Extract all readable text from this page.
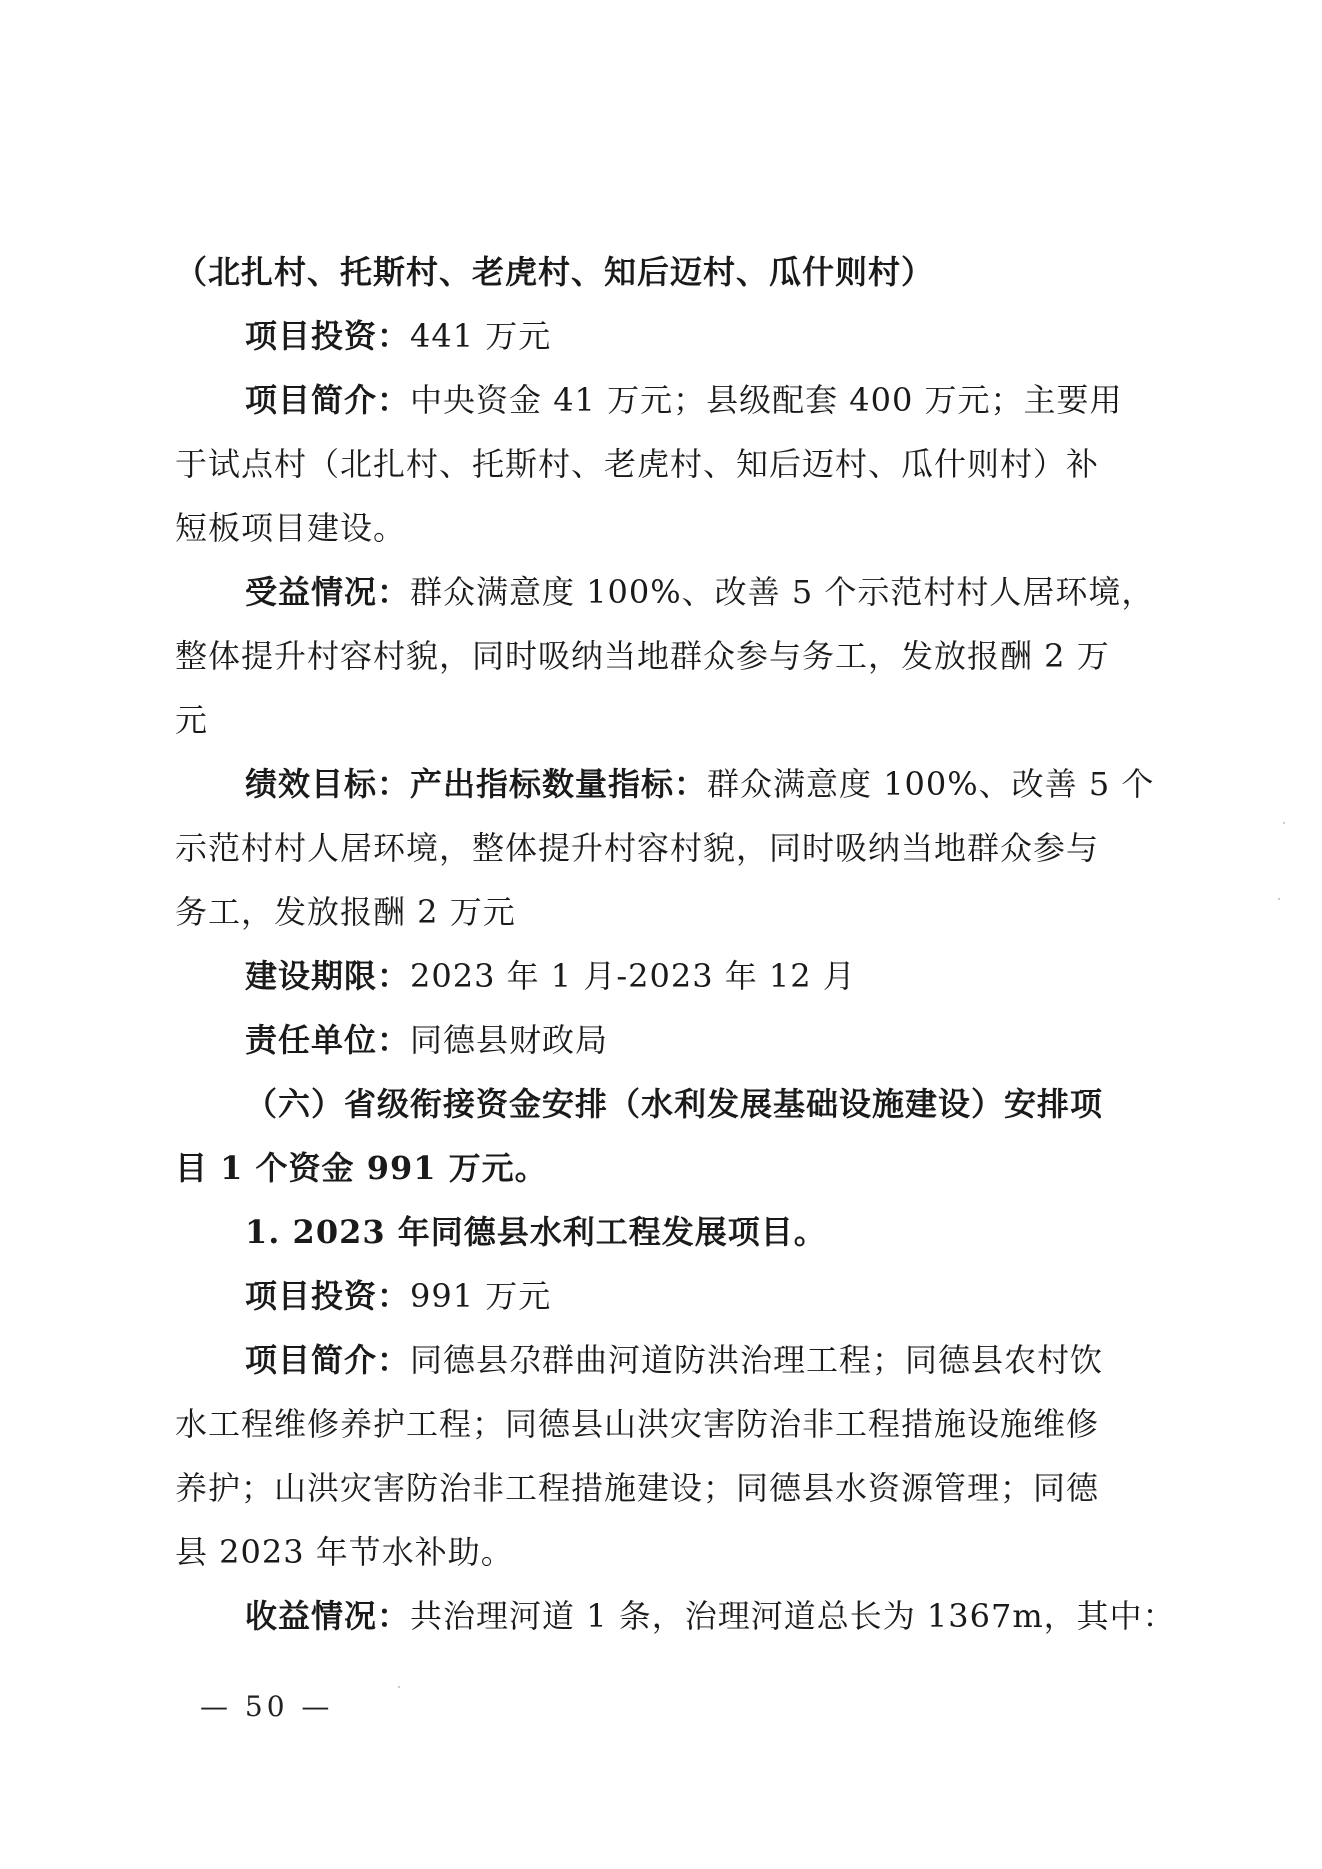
（北扎村、托斯村、老虎村、知后迈村、瓜什则村）
项目投资：441 万元
项目简介：中央资金 41 万元；县级配套 400 万元；主要用
于试点村（北扎村、托斯村、老虎村、知后迈村、瓜什则村）补
短板项目建设。
受益情况：群众满意度 100%、改善 5 个示范村村人居环境，
整体提升村容村貌，同时吸纳当地群众参与务工，发放报酬 2 万
元
绩效目标：产出指标数量指标：群众满意度 100%、改善 5 个
示范村村人居环境，整体提升村容村貌，同时吸纳当地群众参与
务工，发放报酬 2 万元
建设期限：2023 年 1 月-2023 年 12 月
责任单位：同德县财政局
（六）省级衔接资金安排（水利发展基础设施建设）安排项
目 1 个资金 991 万元。
1. 2023 年同德县水利工程发展项目。
项目投资：991 万元
项目简介：同德县尕群曲河道防洪治理工程；同德县农村饮
水工程维修养护工程；同德县山洪灾害防治非工程措施设施维修
养护；山洪灾害防治非工程措施建设；同德县水资源管理；同德
县 2023 年节水补助。
收益情况：共治理河道 1 条，治理河道总长为 1367m，其中：
— 50 —
